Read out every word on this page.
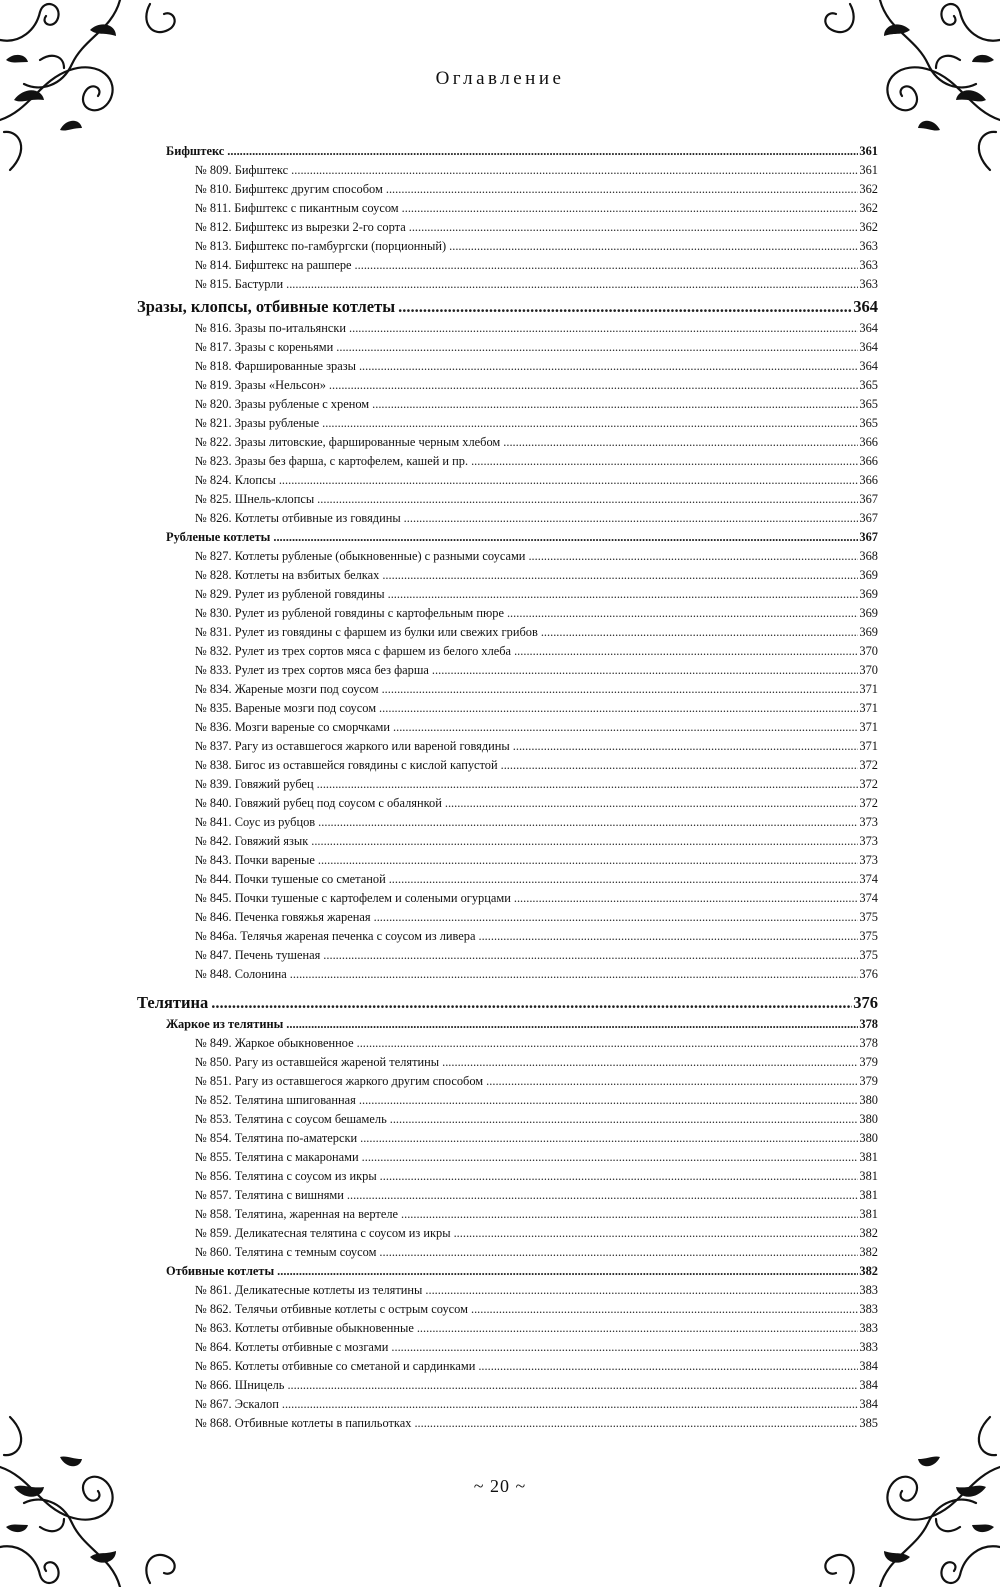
Оглавление
Бифштекс .....	361
№ 809. Бифштекс .....	361
№ 810. Бифштекс другим способом .....	362
№ 811. Бифштекс с пикантным соусом .....	362
№ 812. Бифштекс из вырезки 2-го сорта .....	362
№ 813. Бифштекс по-гамбургски (порционный) .....	363
№ 814. Бифштекс на рашпере .....	363
№ 815. Бастурли .....	363
Зразы, клопсы, отбивные котлеты .....	364
№ 816. Зразы по-итальянски .....	364
№ 817. Зразы с кореньями .....	364
№ 818. Фаршированные зразы .....	364
№ 819. Зразы «Нельсон» .....	365
№ 820. Зразы рубленые с хреном .....	365
№ 821. Зразы рубленые .....	365
№ 822. Зразы литовские, фаршированные черным хлебом .....	366
№ 823. Зразы без фарша, с картофелем, кашей и пр. .....	366
№ 824. Клопсы .....	366
№ 825. Шнель-клопсы .....	367
№ 826. Котлеты отбивные из говядины .....	367
Рубленые котлеты .....	367
№ 827. Котлеты рубленые (обыкновенные) с разными соусами .....	368
№ 828. Котлеты на взбитых белках .....	369
№ 829. Рулет из рубленой говядины .....	369
№ 830. Рулет из рубленой говядины с картофельным пюре .....	369
№ 831. Рулет из говядины с фаршем из булки или свежих грибов .....	369
№ 832. Рулет из трех сортов мяса с фаршем из белого хлеба .....	370
№ 833. Рулет из трех сортов мяса без фарша .....	370
№ 834. Жареные мозги под соусом .....	371
№ 835. Вареные мозги под соусом .....	371
№ 836. Мозги вареные со сморчками .....	371
№ 837. Рагу из оставшегося жаркого или вареной говядины .....	371
№ 838. Бигос из оставшейся говядины с кислой капустой .....	372
№ 839. Говяжий рубец .....	372
№ 840. Говяжий рубец под соусом с обалянкой .....	372
№ 841. Соус из рубцов .....	373
№ 842. Говяжий язык .....	373
№ 843. Почки вареные .....	373
№ 844. Почки тушеные со сметаной .....	374
№ 845. Почки тушеные с картофелем и солеными огурцами .....	374
№ 846. Печенка говяжья жареная .....	375
№ 846а. Телячья жареная печенка с соусом из ливера .....	375
№ 847. Печень тушеная .....	375
№ 848. Солонина .....	376
Телятина .....	376
Жаркое из телятины .....	378
№ 849. Жаркое обыкновенное .....	378
№ 850. Рагу из оставшейся жареной телятины .....	379
№ 851. Рагу из оставшегося жаркого другим способом .....	379
№ 852. Телятина шпигованная .....	380
№ 853. Телятина с соусом бешамель .....	380
№ 854. Телятина по-аматерски .....	380
№ 855. Телятина с макаронами .....	381
№ 856. Телятина с соусом из икры .....	381
№ 857. Телятина с вишнями .....	381
№ 858. Телятина, жаренная на вертеле .....	381
№ 859. Деликатесная телятина с соусом из икры .....	382
№ 860. Телятина с темным соусом .....	382
Отбивные котлеты .....	382
№ 861. Деликатесные котлеты из телятины .....	383
№ 862. Телячьи отбивные котлеты с острым соусом .....	383
№ 863. Котлеты отбивные обыкновенные .....	383
№ 864. Котлеты отбивные с мозгами .....	383
№ 865. Котлеты отбивные со сметаной и сардинками .....	384
№ 866. Шницель .....	384
№ 867. Эскалоп .....	384
№ 868. Отбивные котлеты в папильотках .....	385
~ 20 ~
